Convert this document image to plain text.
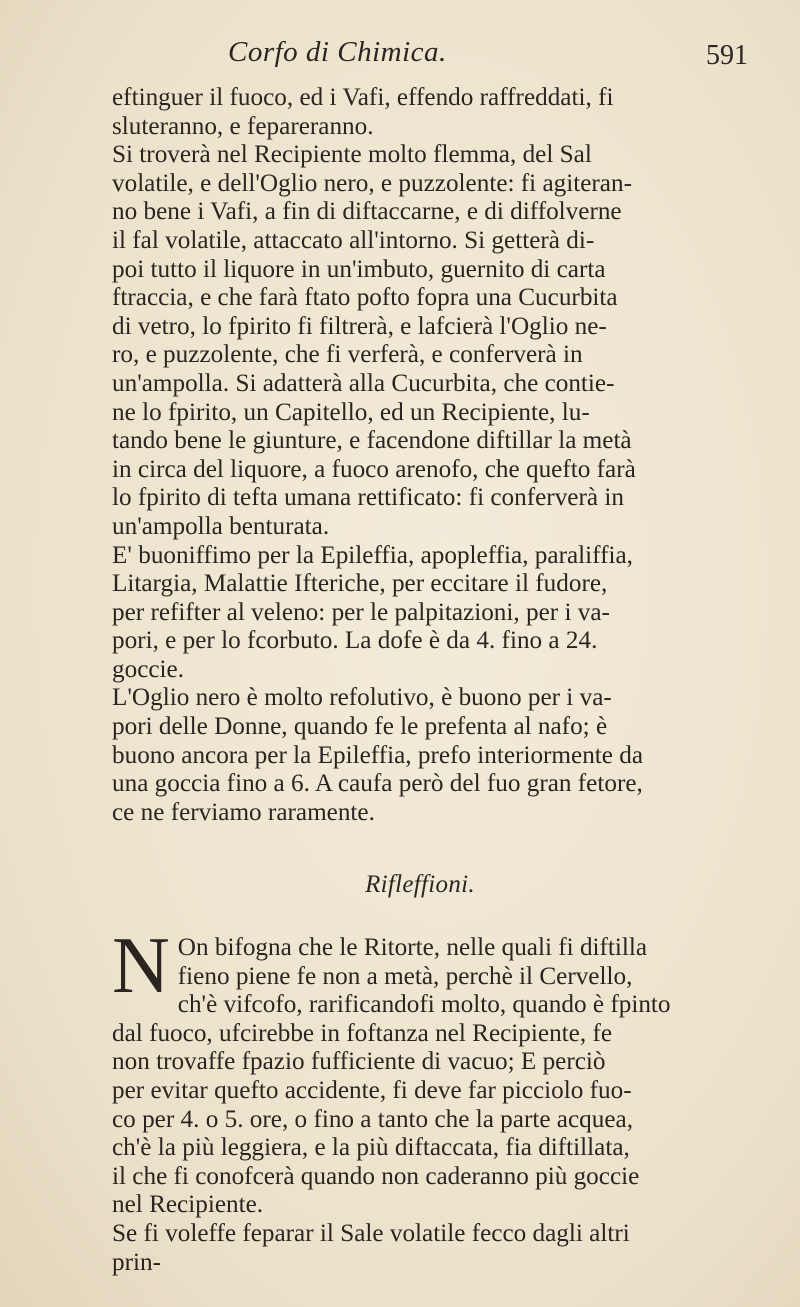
Corfo di Chimica.	591

eftinguer il fuoco, ed i Vafi, effendo raffreddati, fi
sluteranno, e fepareranno.

Si troverà nel Recipiente molto flemma, del Sal
volatile, e dell'Oglio nero, e puzzolente: fi agiteran-
no bene i Vafi, a fin di diftaccarne, e di diffolverne
il fal volatile, attaccato all'intorno. Si getterà di-
poi tutto il liquore in un'imbuto, guernito di carta
ftraccia, e che farà ftato pofto fopra una Cucurbita
di vetro, lo fpirito fi filtrerà, e lafcierà l'Oglio ne-
ro, e puzzolente, che fi verferà, e conferverà in
un'ampolla. Si adatterà alla Cucurbita, che contie-
ne lo fpirito, un Capitello, ed un Recipiente, lu-
tando bene le giunture, e facendone diftillar la metà
in circa del liquore, a fuoco arenofo, che quefto farà
lo fpirito di tefta umana rettificato: fi conferverà in
un'ampolla benturata.

E' buoniffimo per la Epileffia, apopleffia, paraliffia,
Litargia, Malattie Ifteriche, per eccitare il fudore,
per refifter al veleno: per le palpitazioni, per i va-
pori, e per lo fcorbuto. La dofe è da 4. fino a 24.
goccie.

L'Oglio nero è molto refolutivo, è buono per i va-
pori delle Donne, quando fe le prefenta al nafo; è
buono ancora per la Epileffia, prefo interiormente da
una goccia fino a 6. A caufa però del fuo gran fetore,
ce ne ferviamo raramente.

Rifleffioni.

N On bifogna che le Ritorte, nelle quali fi diftilla
fieno piene fe non a metà, perchè il Cervello,
ch'è vifcofo, rarificandofi molto, quando è fpinto
dal fuoco, ufcirebbe in foftanza nel Recipiente, fe
non trovaffe fpazio fufficiente di vacuo; E perciò
per evitar quefto accidente, fi deve far picciolo fuo-
co per 4. o 5. ore, o fino a tanto che la parte acquea,
ch'è la più leggiera, e la più diftaccata, fia diftillata,
il che fi conofcerà quando non caderanno più goccie
nel Recipiente.

Se fi voleffe feparar il Sale volatile fecco dagli altri

prin-
